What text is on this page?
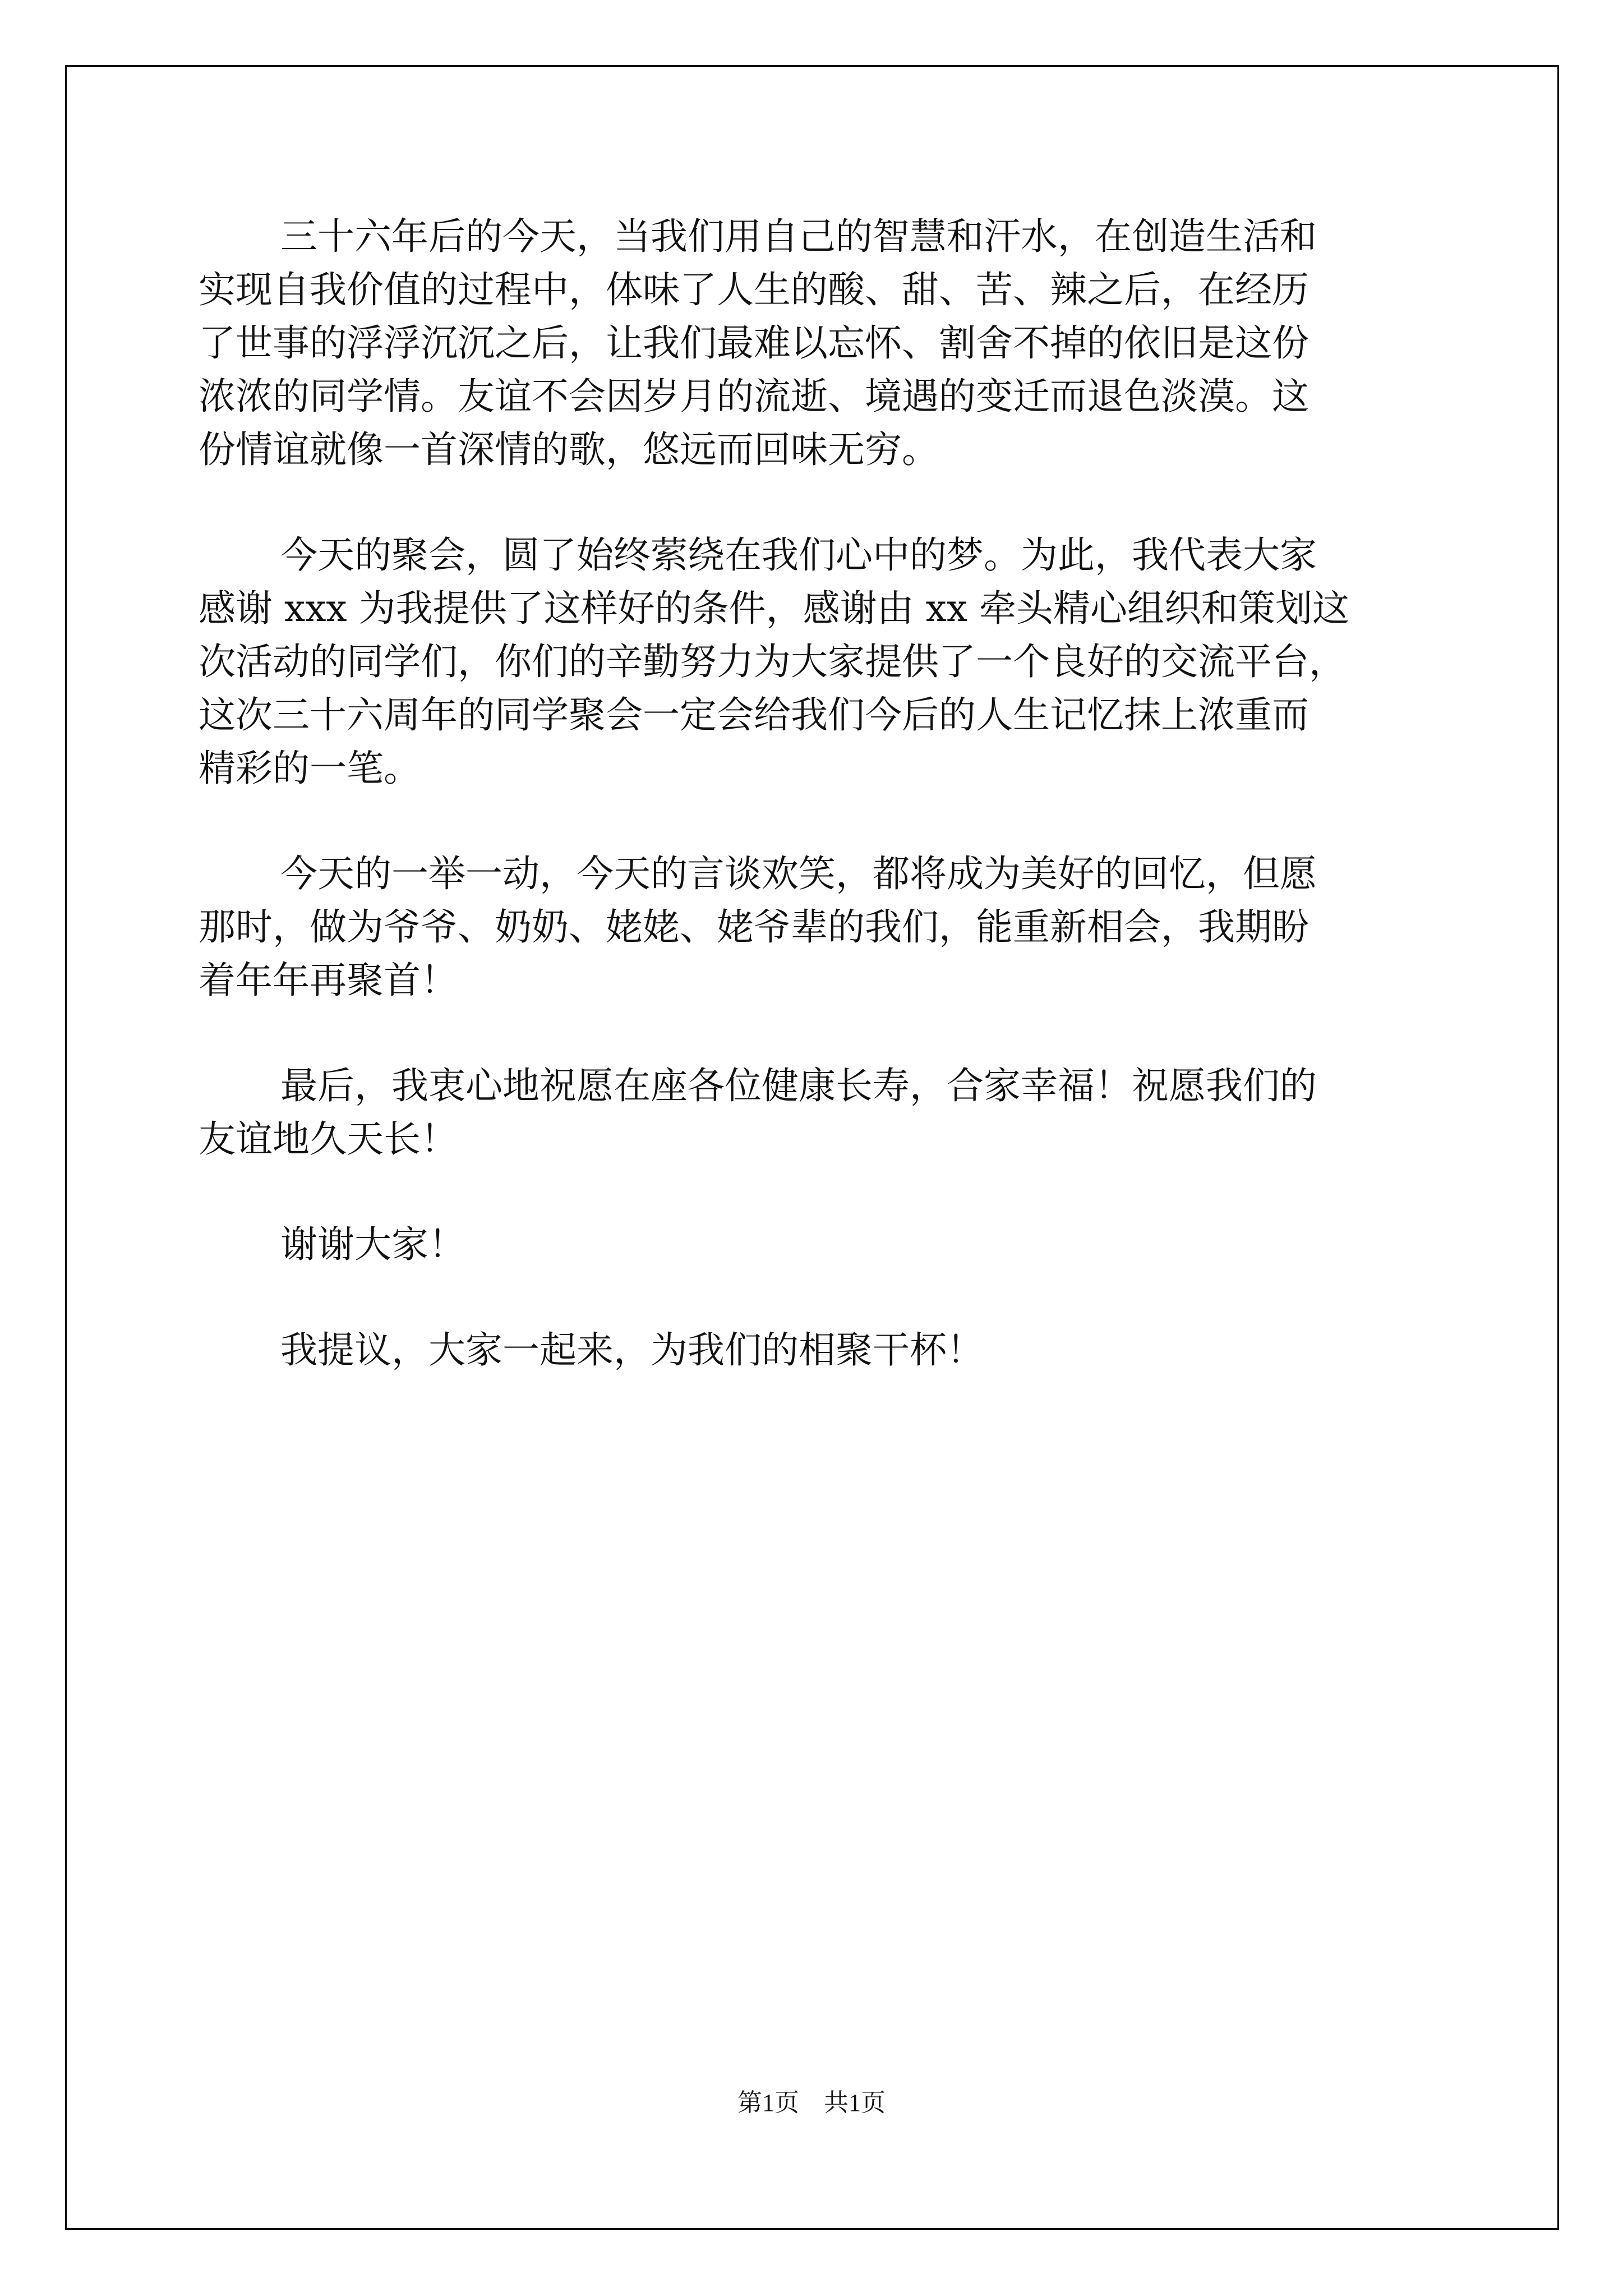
三十六年后的今天，当我们用自己的智慧和汗水，在创造生活和
实现自我价值的过程中，体味了人生的酸、甜、苦、辣之后，在经历
了世事的浮浮沉沉之后，让我们最难以忘怀、割舍不掉的依旧是这份
浓浓的同学情。友谊不会因岁月的流逝、境遇的变迁而退色淡漠。这
份情谊就像一首深情的歌，悠远而回味无穷。
今天的聚会，圆了始终萦绕在我们心中的梦。为此，我代表大家
感谢 xxx 为我提供了这样好的条件，感谢由 xx 牵头精心组织和策划这
次活动的同学们，你们的辛勤努力为大家提供了一个良好的交流平台，
这次三十六周年的同学聚会一定会给我们今后的人生记忆抹上浓重而
精彩的一笔。
今天的一举一动，今天的言谈欢笑，都将成为美好的回忆，但愿
那时，做为爷爷、奶奶、姥姥、姥爷辈的我们，能重新相会，我期盼
着年年再聚首！
最后，我衷心地祝愿在座各位健康长寿，合家幸福！祝愿我们的
友谊地久天长！
谢谢大家！
我提议，大家一起来，为我们的相聚干杯！
第1页　共1页
